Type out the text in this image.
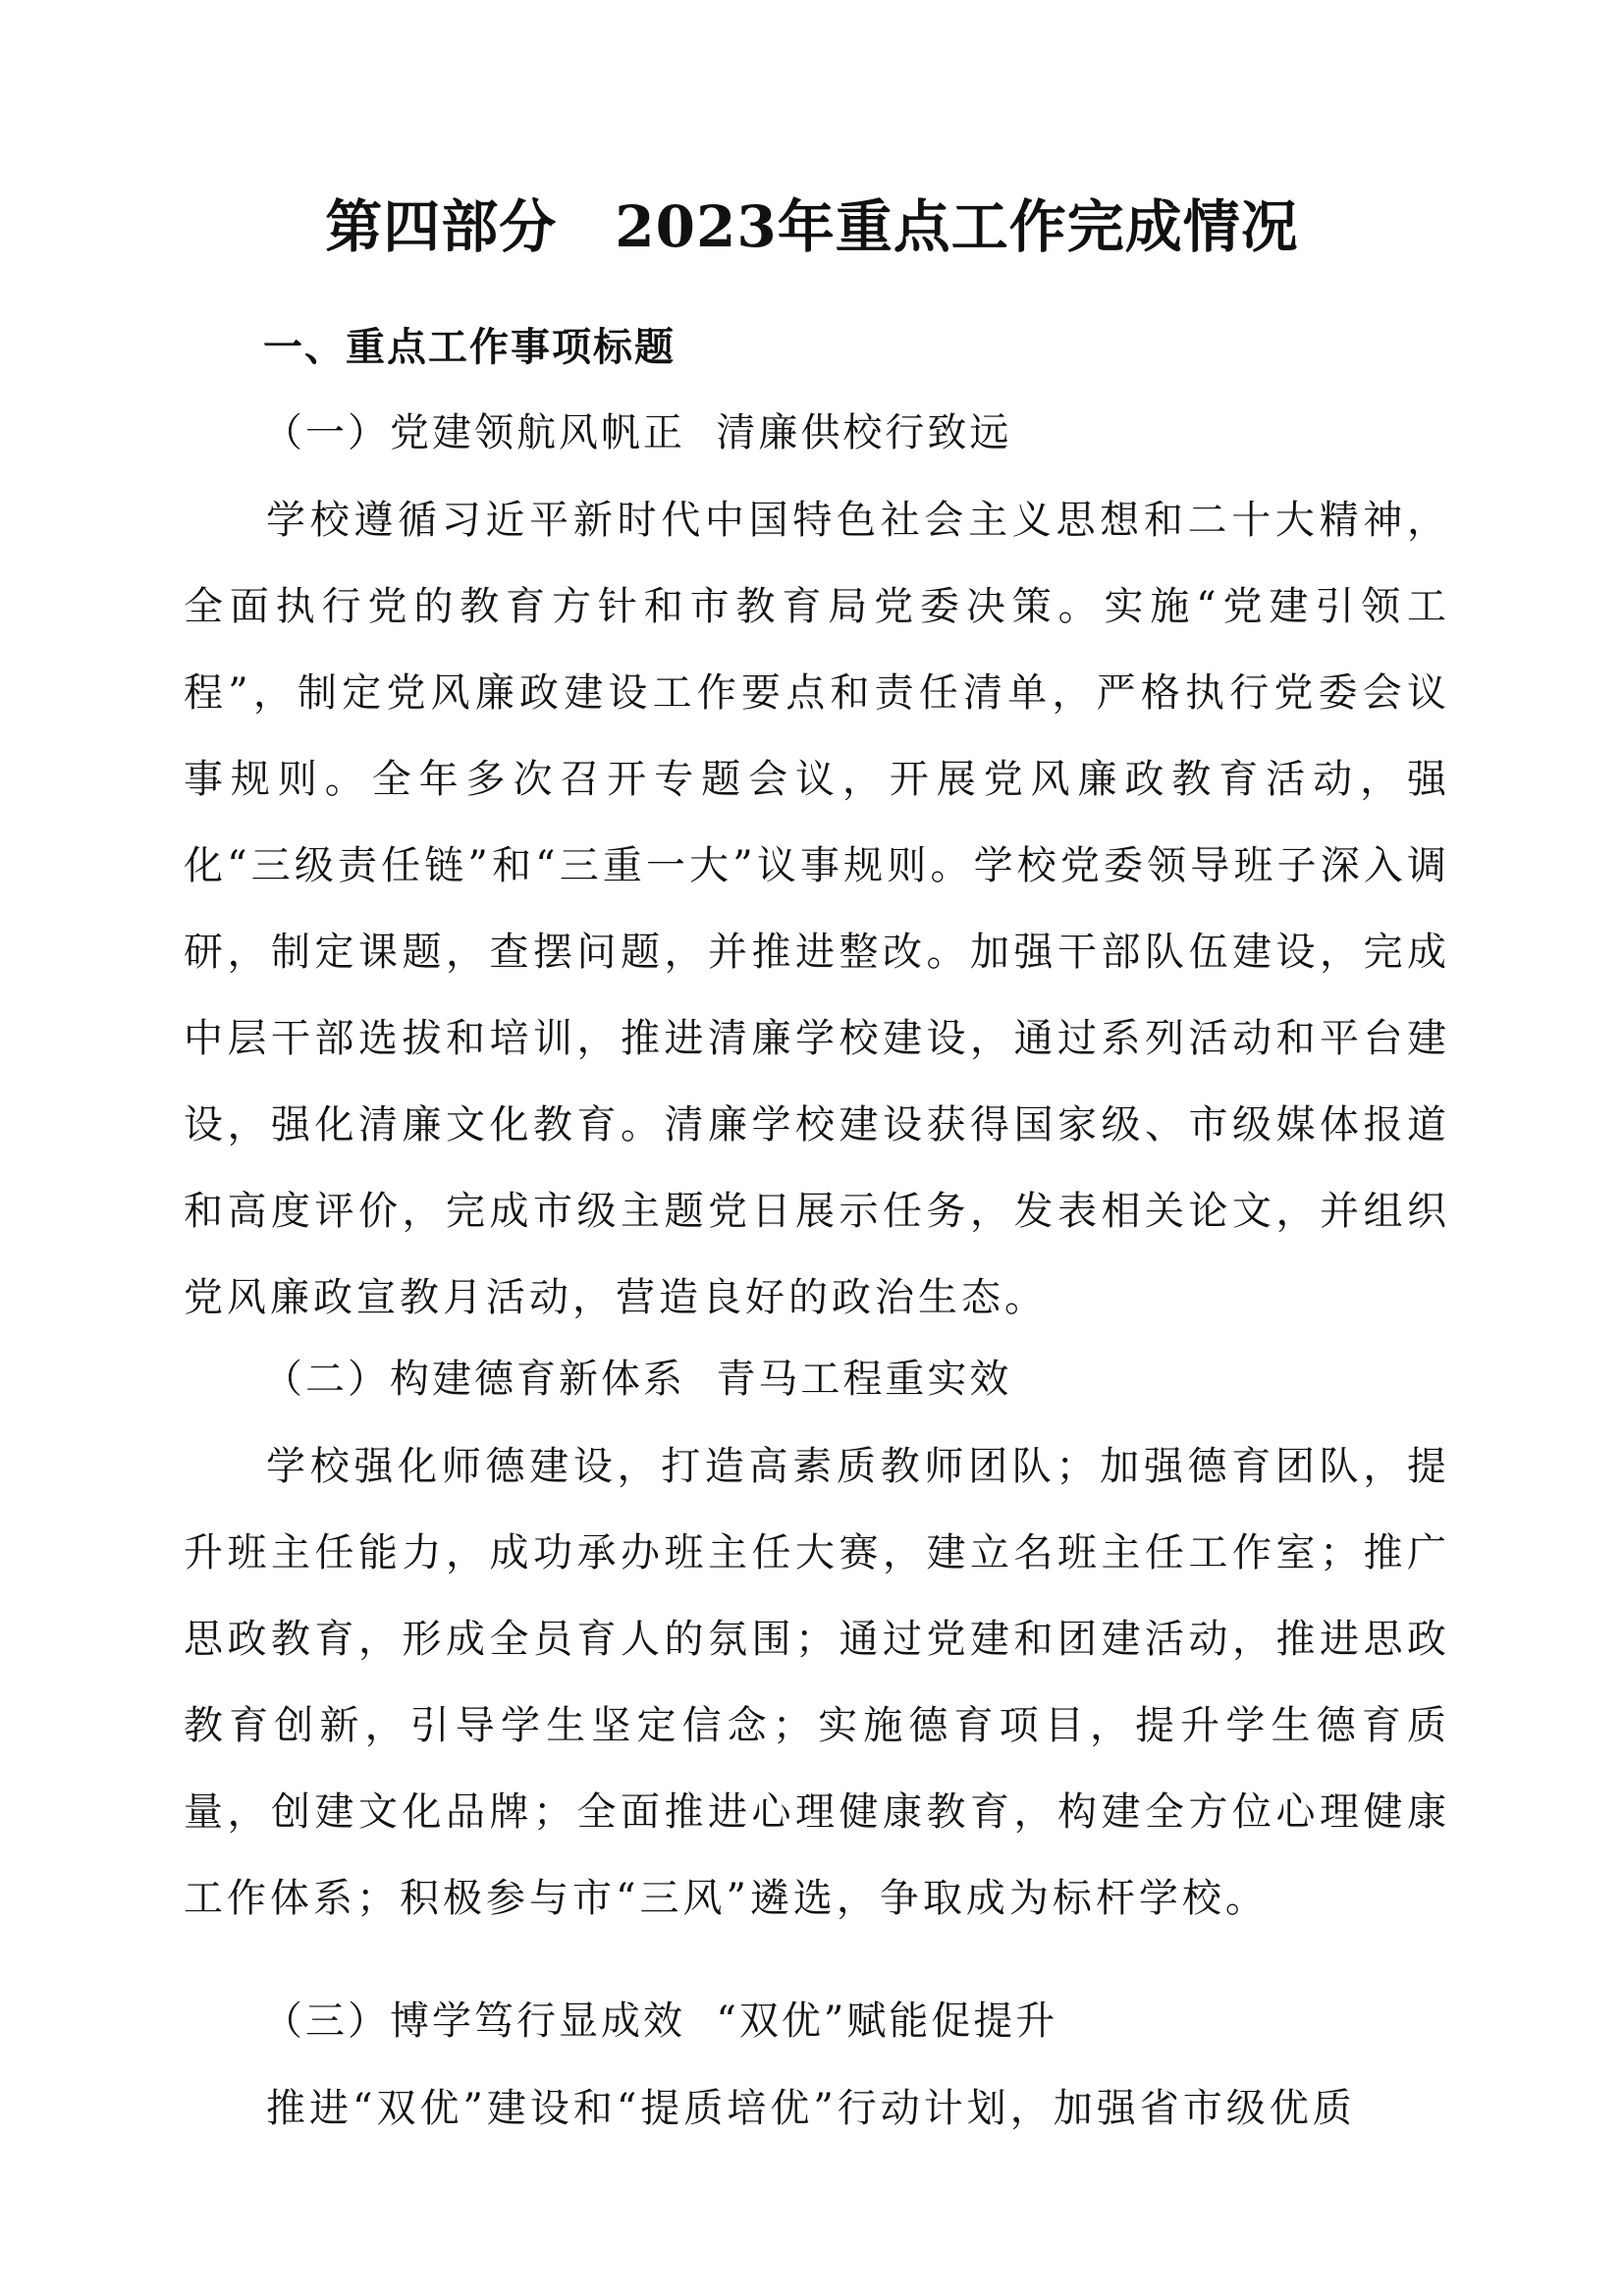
第四部分　2023年重点工作完成情况
一、重点工作事项标题
（一）党建领航风帆正  清廉供校行致远
学校遵循习近平新时代中国特色社会主义思想和二十大精神，全面执行党的教育方针和市教育局党委决策。实施“党建引领工程”，制定党风廉政建设工作要点和责任清单，严格执行党委会议事规则。全年多次召开专题会议，开展党风廉政教育活动，强化“三级责任链”和“三重一大”议事规则。学校党委领导班子深入调研，制定课题，查摆问题，并推进整改。加强干部队伍建设，完成中层干部选拔和培训，推进清廉学校建设，通过系列活动和平台建设，强化清廉文化教育。清廉学校建设获得国家级、市级媒体报道和高度评价，完成市级主题党日展示任务，发表相关论文，并组织党风廉政宣教月活动，营造良好的政治生态。
（二）构建德育新体系  青马工程重实效
学校强化师德建设，打造高素质教师团队；加强德育团队，提升班主任能力，成功承办班主任大赛，建立名班主任工作室；推广思政教育，形成全员育人的氛围；通过党建和团建活动，推进思政教育创新，引导学生坚定信念；实施德育项目，提升学生德育质量，创建文化品牌；全面推进心理健康教育，构建全方位心理健康工作体系；积极参与市“三风”遴选，争取成为标杆学校。
（三）博学笃行显成效  “双优”赋能促提升
推进“双优”建设和“提质培优”行动计划，加强省市级优质
